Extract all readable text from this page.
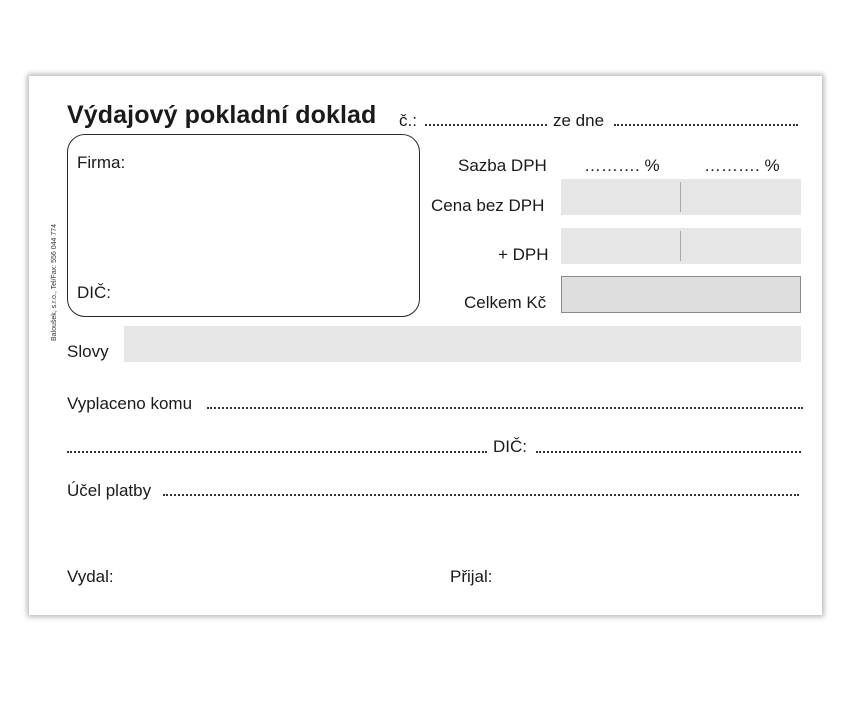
Výdajový pokladní doklad č.:	ze dne
Firma:
DIČ:
Sazba DPH ………. %	………. %
Cena bez DPH
+ DPH
Celkem Kč
Slovy
Vyplaceno komu
DIČ:
Účel platby
Vydal:	Přijal:
Baloušek, s.r.o., Tel/Fax: 556 044 774
